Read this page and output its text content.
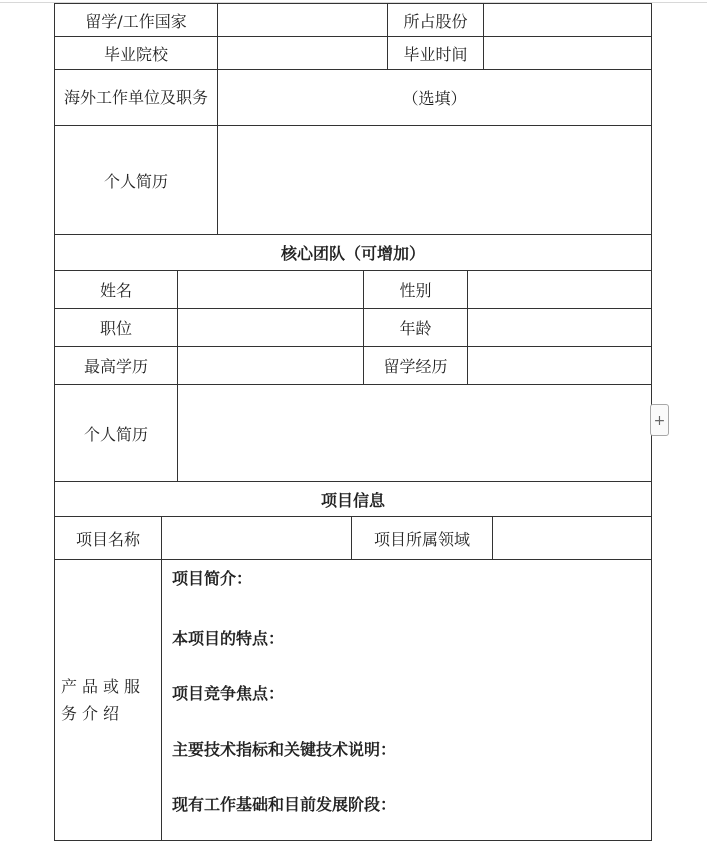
留学/工作国家		所占股份	
毕业院校		毕业时间	
海外工作单位及职务	（选填）		
个人简历			
核心团队（可增加）			
姓名		性别	
职位		年龄	
最高学历		留学经历	
个人简历			
项目信息			
项目名称		项目所属领域	
产品或服务介绍	项目简介：
本项目的特点：
项目竞争焦点：
主要技术指标和关键技术说明：
现有工作基础和目前发展阶段：		
+
